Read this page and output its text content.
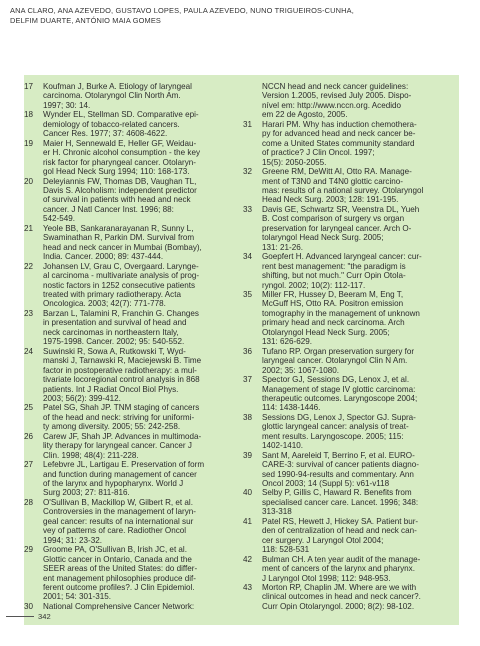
ANA CLARO, ANA AZEVEDO, GUSTAVO LOPES, PAULA AZEVEDO, NUNO TRIGUEIROS-CUNHA,
DELFIM DUARTE, ANTÓNIO MAIA GOMES
17	Koufman J, Burke A. Etiology of laryngeal
carcinoma. Otolaryngol Clin North Am.
1997; 30: 14.
18	Wynder EL, Stellman SD. Comparative epi-
demiology of tobacco-related cancers.
Cancer Res. 1977; 37: 4608-4622.
19	Maier H, Sennewald E, Heller GF, Weidau-
er H. Chronic alcohol consumption - the key
risk factor for pharyngeal cancer. Otolaryn-
gol Head Neck Surg 1994; 110: 168-173.
20	Deleyiannis FW, Thomas DB, Vaughan TL,
Davis S. Alcoholism: independent predictor
of survival in patients with head and neck
cancer. J Natl Cancer Inst. 1996; 88:
542-549.
21	Yeole BB, Sankaranarayanan R, Sunny L,
Swaminathan R, Parkin DM. Survival from
head and neck cancer in Mumbai (Bombay),
India. Cancer. 2000; 89: 437-444.
22	Johansen LV, Grau C, Overgaard. Larynge-
al carcinoma - multivariate analysis of prog-
nostic factors in 1252 consecutive patients
treated with primary radiotherapy. Acta
Oncologica. 2003; 42(7): 771-778.
23	Barzan L, Talamini R, Franchin G. Changes
in presentation and survival of head and
neck carcinomas in northeastern Italy,
1975-1998. Cancer. 2002; 95: 540-552.
24	Suwinski R, Sowa A, Rutkowski T, Wyd-
manski J, Tarnawski R, Maciejewski B. Time
factor in postoperative radiotherapy: a mul-
tivariate locoregional control analysis in 868
patients. Int J Radiat Oncol Biol Phys.
2003; 56(2): 399-412.
25	Patel SG, Shah JP. TNM staging of cancers
of the head and neck: striving for uniformi-
ty among diversity. 2005; 55: 242-258.
26	Carew JF, Shah JP. Advances in multimoda-
lity therapy for laryngeal cancer. Cancer J
Clin. 1998; 48(4): 211-228.
27	Lefebvre JL, Lartigau E. Preservation of form
and function during management of cancer
of the larynx and hypopharynx. World J
Surg 2003; 27: 811-816.
28	O'Sullivan B, Mackillop W, Gilbert R, et al.
Controversies in the management of laryn-
geal cancer: results of na international sur
vey of patterns of care. Radiother Oncol
1994; 31: 23-32.
29	Groome PA, O'Sullivan B, Irish JC, et al.
Glottic cancer in Ontario, Canada and the
SEER areas of the United States: do differ-
ent management philosophies produce dif-
ferent outcome profiles?. J Clin Epidemiol.
2001; 54: 301-315.
30	National Comprehensive Cancer Network:
NCCN head and neck cancer guidelines:
Version 1.2005, revised July 2005. Dispo-
nível em: http://www.nccn.org. Acedido
em 22 de Agosto, 2005.
31	Harari PM. Why has induction chemothera-
py for advanced head and neck cancer be-
come a United States community standard
of practice? J Clin Oncol. 1997;
15(5): 2050-2055.
32	Greene RM, DeWitt AI, Otto RA. Manage-
ment of T3N0 and T4N0 glottic carcino-
mas: results of a national survey. Otolaryngol
Head Neck Surg. 2003; 128: 191-195.
33	Davis GE, Schwartz SR, Veenstra DL, Yueh
B. Cost comparison of surgery vs organ
preservation for laryngeal cancer. Arch O-
tolaryngol Head Neck Surg. 2005;
131: 21-26.
34	Goepfert H. Advanced laryngeal cancer: cur-
rent best management: "the paradigm is
shifting, but not much." Curr Opin Otola-
ryngol. 2002; 10(2): 112-117.
35	Miller FR, Hussey D, Beeram M, Eng T,
McGuff HS, Otto RA. Positron emission
tomography in the management of unknown
primary head and neck carcinoma. Arch
Otolaryngol Head Neck Surg. 2005;
131: 626-629.
36	Tufano RP. Organ preservation surgery for
laryngeal cancer. Otolaryngol Clin N Am.
2002; 35: 1067-1080.
37	Spector GJ, Sessions DG, Lenox J, et al.
Management of stage IV glottic carcinoma:
therapeutic outcomes. Laryngoscope 2004;
114: 1438-1446.
38	Sessions DG, Lenox J, Spector GJ. Supra-
glottic laryngeal cancer: analysis of treat-
ment results. Laryngoscope. 2005; 115:
1402-1410.
39	Sant M, Aareleid T, Berrino F, et al. EURO-
CARE-3: survival of cancer patients diagno-
sed 1990-94-results and commentary. Ann
Oncol 2003; 14 (Suppl 5): v61-v118
40	Selby P, Gillis C, Haward R. Benefits from
specialised cancer care. Lancet. 1996; 348:
313-318
41	Patel RS, Hewett J, Hickey SA. Patient bur-
den of centralization of head and neck can-
cer surgery. J Laryngol Otol 2004;
118: 528-531
42	Bulman CH. A ten year audit of the manage-
ment of cancers of the larynx and pharynx.
J Laryngol Otol 1998; 112: 948-953.
43	Morton RP, Chaplin JM. Where are we with
clinical outcomes in head and neck cancer?.
Curr Opin Otolaryngol. 2000; 8(2): 98-102.
342
